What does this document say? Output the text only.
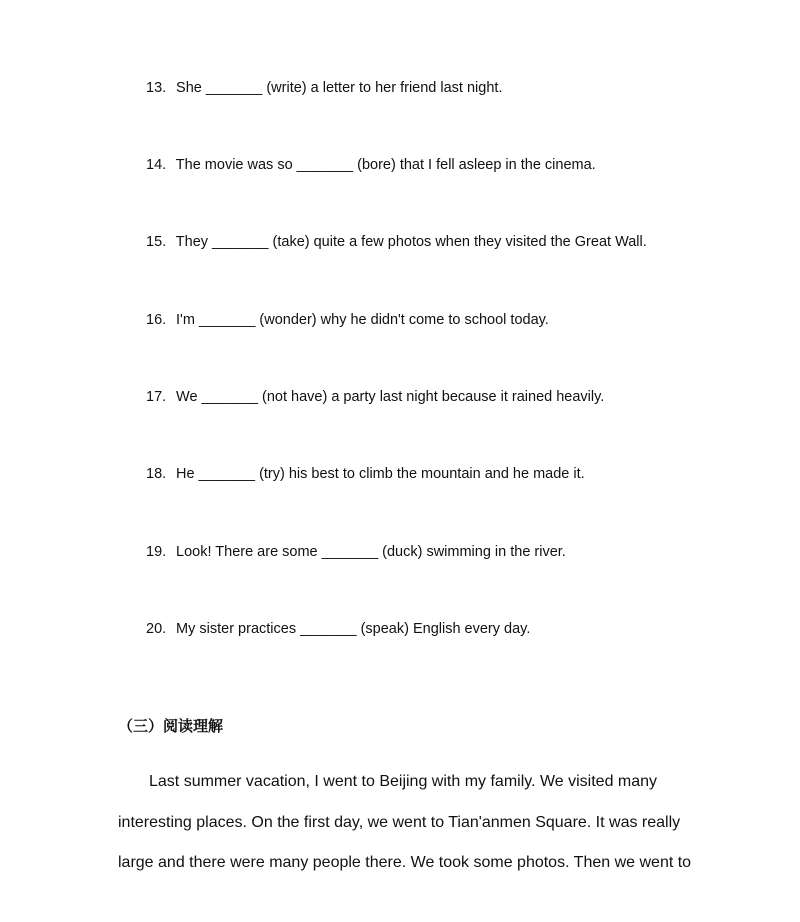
13. She _______ (write) a letter to her friend last night.
14. The movie was so _______ (bore) that I fell asleep in the cinema.
15. They _______ (take) quite a few photos when they visited the Great Wall.
16. I'm _______ (wonder) why he didn't come to school today.
17. We _______ (not have) a party last night because it rained heavily.
18. He _______ (try) his best to climb the mountain and he made it.
19. Look! There are some _______ (duck) swimming in the river.
20. My sister practices _______ (speak) English every day.
（三）阅读理解
Last summer vacation, I went to Beijing with my family. We visited many
interesting places. On the first day, we went to Tian'anmen Square. It was really
large and there were many people there. We took some photos. Then we went to
